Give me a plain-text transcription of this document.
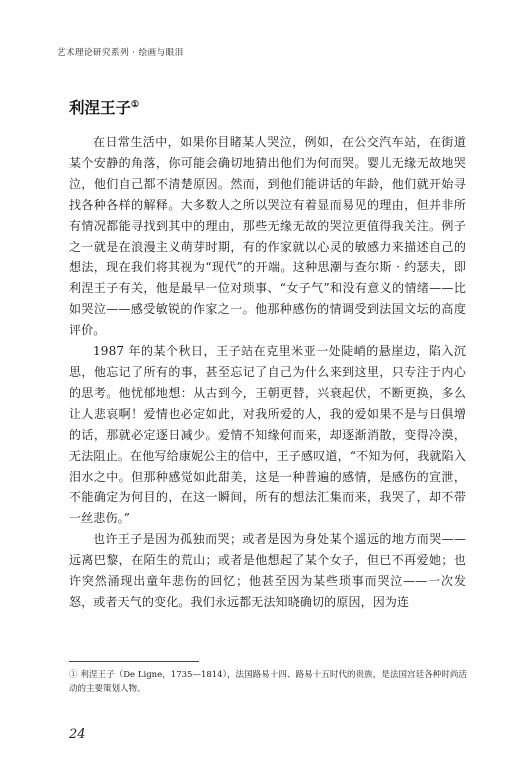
艺术理论研究系列 · 绘画与眼泪
利涅王子①

在日常生活中，如果你目睹某人哭泣，例如，在公交汽车站，在街道某个安静的角落，你可能会确切地猜出他们为何而哭。婴儿无缘无故地哭泣，他们自己都不清楚原因。然而，到他们能讲话的年龄，他们就开始寻找各种各样的解释。大多数人之所以哭泣有着显而易见的理由，但并非所有情况都能寻找到其中的理由，那些无缘无故的哭泣更值得我关注。例子之一就是在浪漫主义萌芽时期，有的作家就以心灵的敏感力来描述自己的想法，现在我们将其视为“现代”的开端。这种思潮与查尔斯 · 约瑟夫，即利涅王子有关，他是最早一位对琐事、“女子气”和没有意义的情绪——比如哭泣——感受敏锐的作家之一。他那种感伤的情调受到法国文坛的高度评价。

1987 年的某个秋日，王子站在克里米亚一处陡峭的悬崖边，陷入沉思，他忘记了所有的事，甚至忘记了自己为什么来到这里，只专注于内心的思考。他忧郁地想：从古到今，王朝更替，兴衰起伏，不断更换，多么让人悲哀啊！爱情也必定如此，对我所爱的人，我的爱如果不是与日俱增的话，那就必定逐日减少。爱情不知缘何而来，却逐渐消散，变得冷漠，无法阻止。在他写给康妮公主的信中，王子感叹道，“不知为何，我就陷入泪水之中。但那种感觉如此甜美，这是一种普遍的感情，是感伤的宣泄，不能确定为何目的，在这一瞬间，所有的想法汇集而来，我哭了，却不带一丝悲伤。”

也许王子是因为孤独而哭；或者是因为身处某个遥远的地方而哭——远离巴黎，在陌生的荒山；或者是他想起了某个女子，但已不再爱她；也许突然涌现出童年悲伤的回忆；他甚至因为某些琐事而哭泣——一次发怒，或者天气的变化。我们永远都无法知晓确切的原因，因为连

① 利涅王子（De Ligne，1735—1814），法国路易十四、路易十五时代的贵族，是法国宫廷各种时尚活动的主要策划人物。
24
